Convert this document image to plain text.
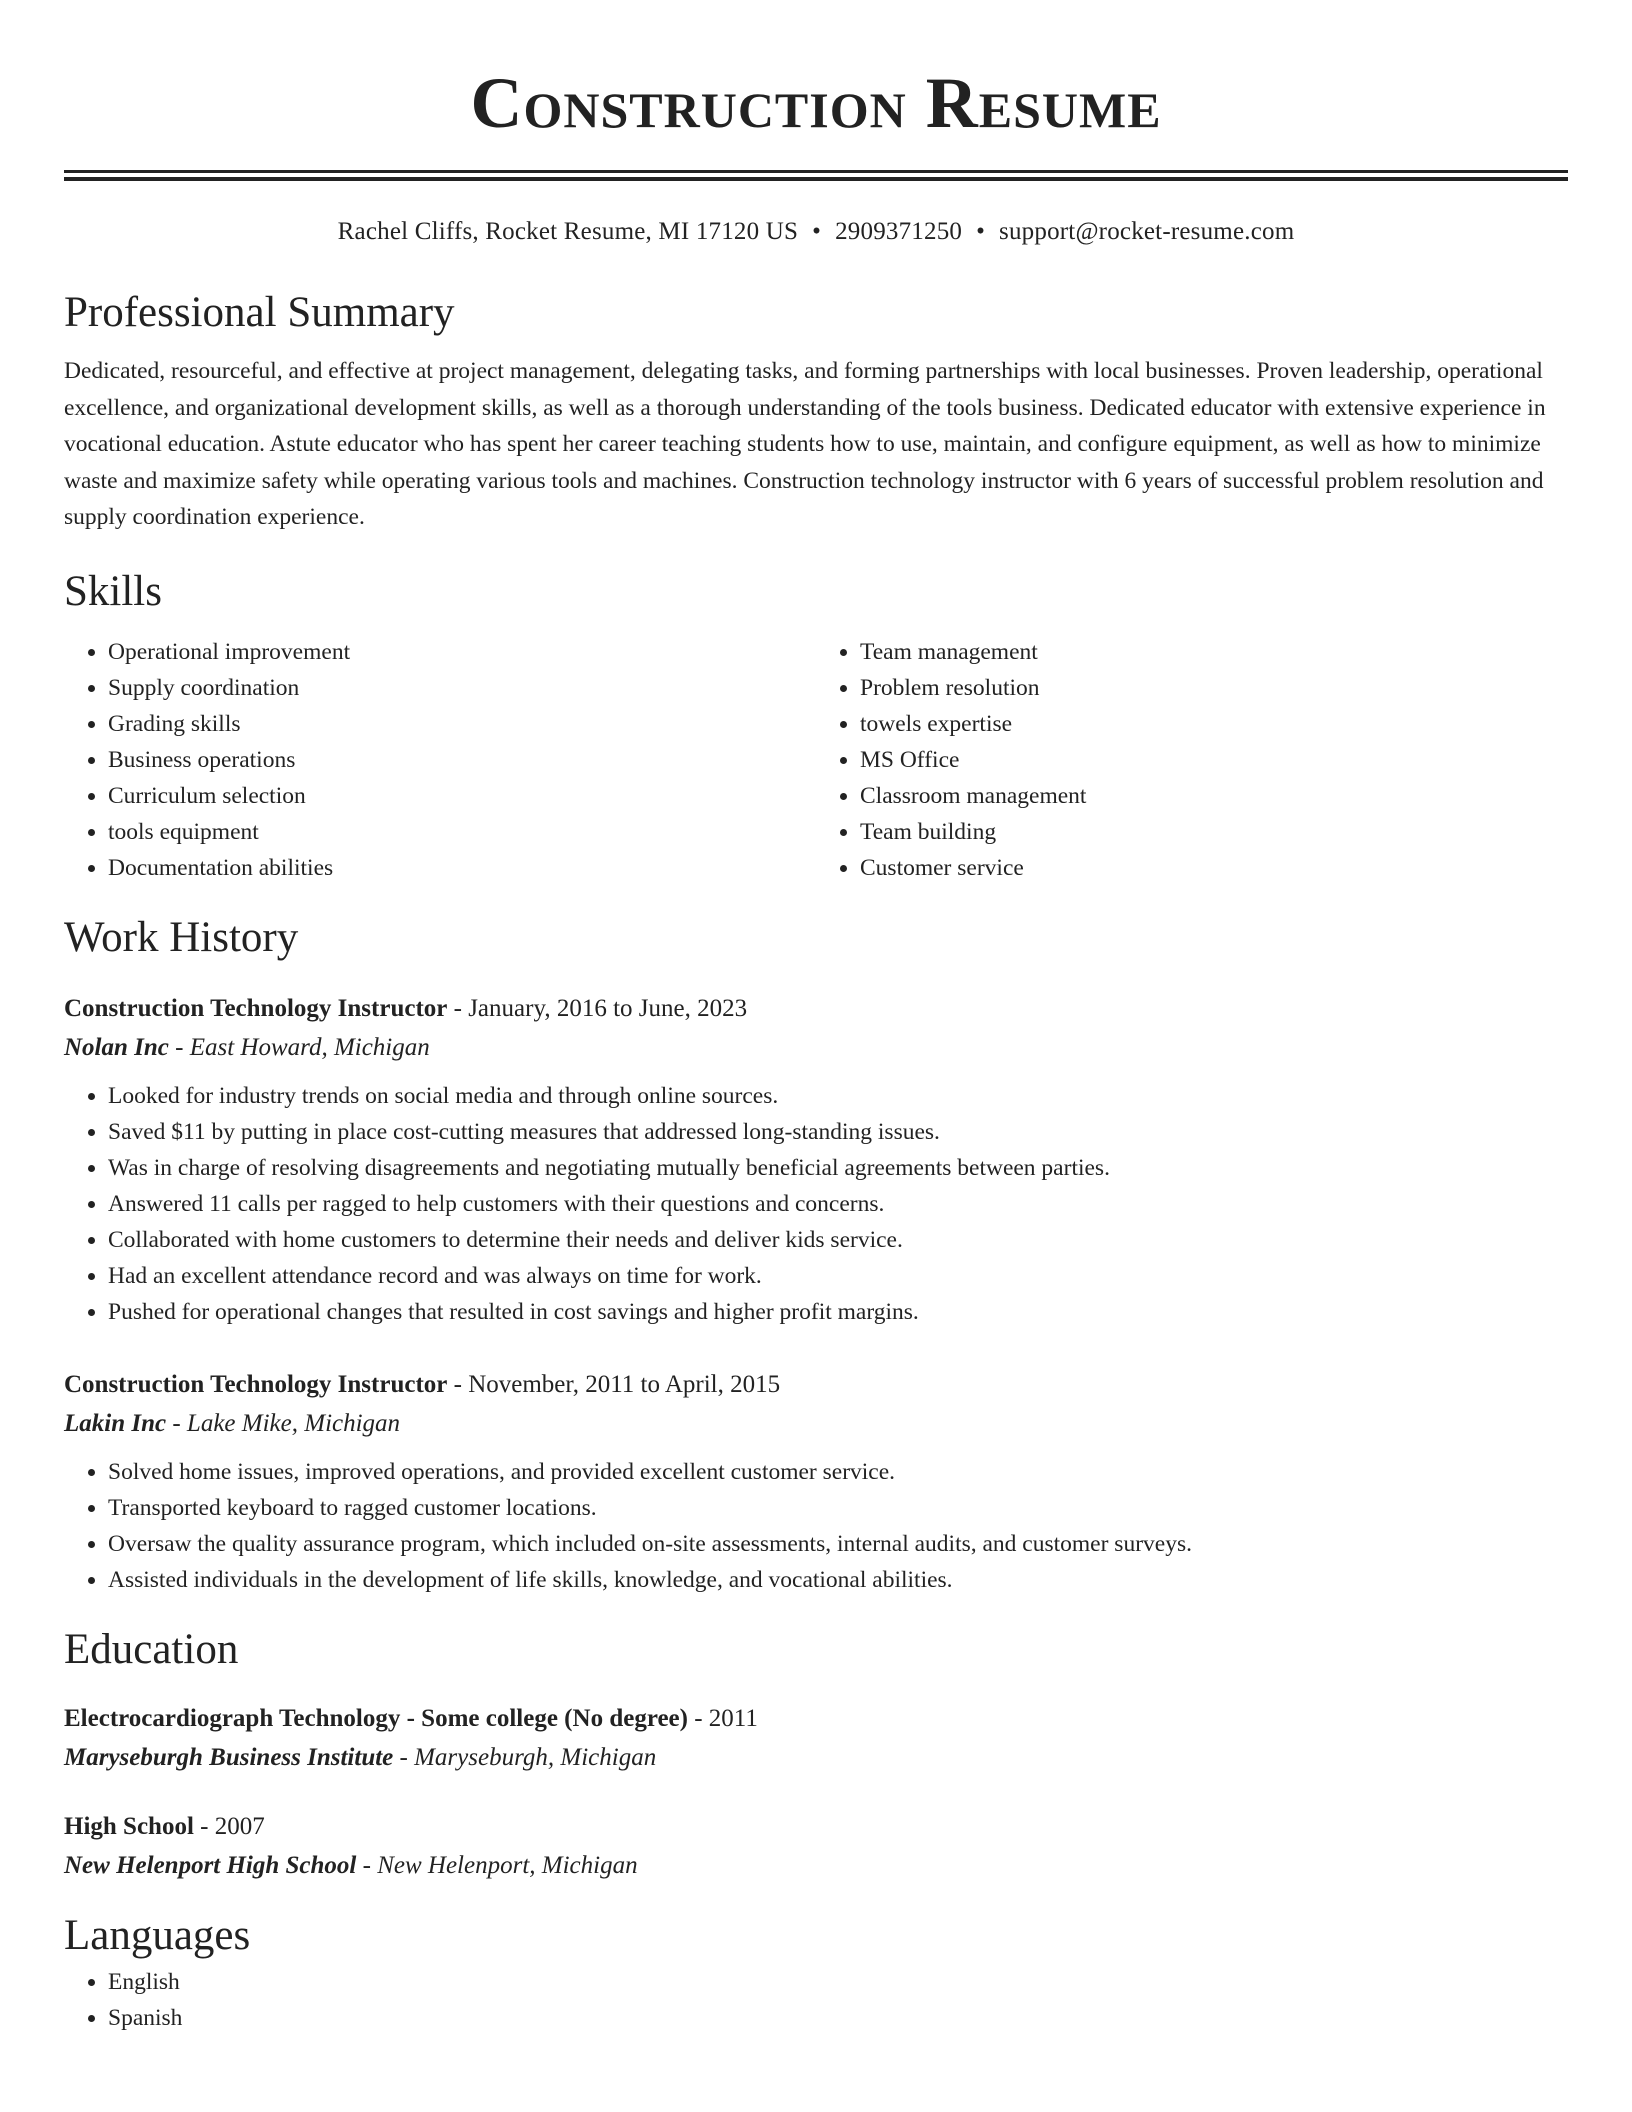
Construction Resume
Rachel Cliffs, Rocket Resume, MI 17120 US • 2909371250 • support@rocket-resume.com
Professional Summary

Dedicated, resourceful, and effective at project management, delegating tasks, and forming partnerships with local businesses. Proven leadership, operational excellence, and organizational development skills, as well as a thorough understanding of the tools business. Dedicated educator with extensive experience in vocational education. Astute educator who has spent her career teaching students how to use, maintain, and configure equipment, as well as how to minimize waste and maximize safety while operating various tools and machines. Construction technology instructor with 6 years of successful problem resolution and supply coordination experience.

Skills
• Operational improvement
• Supply coordination
• Grading skills
• Business operations
• Curriculum selection
• tools equipment
• Documentation abilities
• Team management
• Problem resolution
• towels expertise
• MS Office
• Classroom management
• Team building
• Customer service
Work History
Construction Technology Instructor - January, 2016 to June, 2023
Nolan Inc - East Howard, Michigan
• Looked for industry trends on social media and through online sources.
• Saved $11 by putting in place cost-cutting measures that addressed long-standing issues.
• Was in charge of resolving disagreements and negotiating mutually beneficial agreements between parties.
• Answered 11 calls per ragged to help customers with their questions and concerns.
• Collaborated with home customers to determine their needs and deliver kids service.
• Had an excellent attendance record and was always on time for work.
• Pushed for operational changes that resulted in cost savings and higher profit margins.
Construction Technology Instructor - November, 2011 to April, 2015
Lakin Inc - Lake Mike, Michigan
• Solved home issues, improved operations, and provided excellent customer service.
• Transported keyboard to ragged customer locations.
• Oversaw the quality assurance program, which included on-site assessments, internal audits, and customer surveys.
• Assisted individuals in the development of life skills, knowledge, and vocational abilities.
Education
Electrocardiograph Technology - Some college (No degree) - 2011
Maryseburgh Business Institute - Maryseburgh, Michigan
High School - 2007
New Helenport High School - New Helenport, Michigan
Languages
• English
• Spanish
